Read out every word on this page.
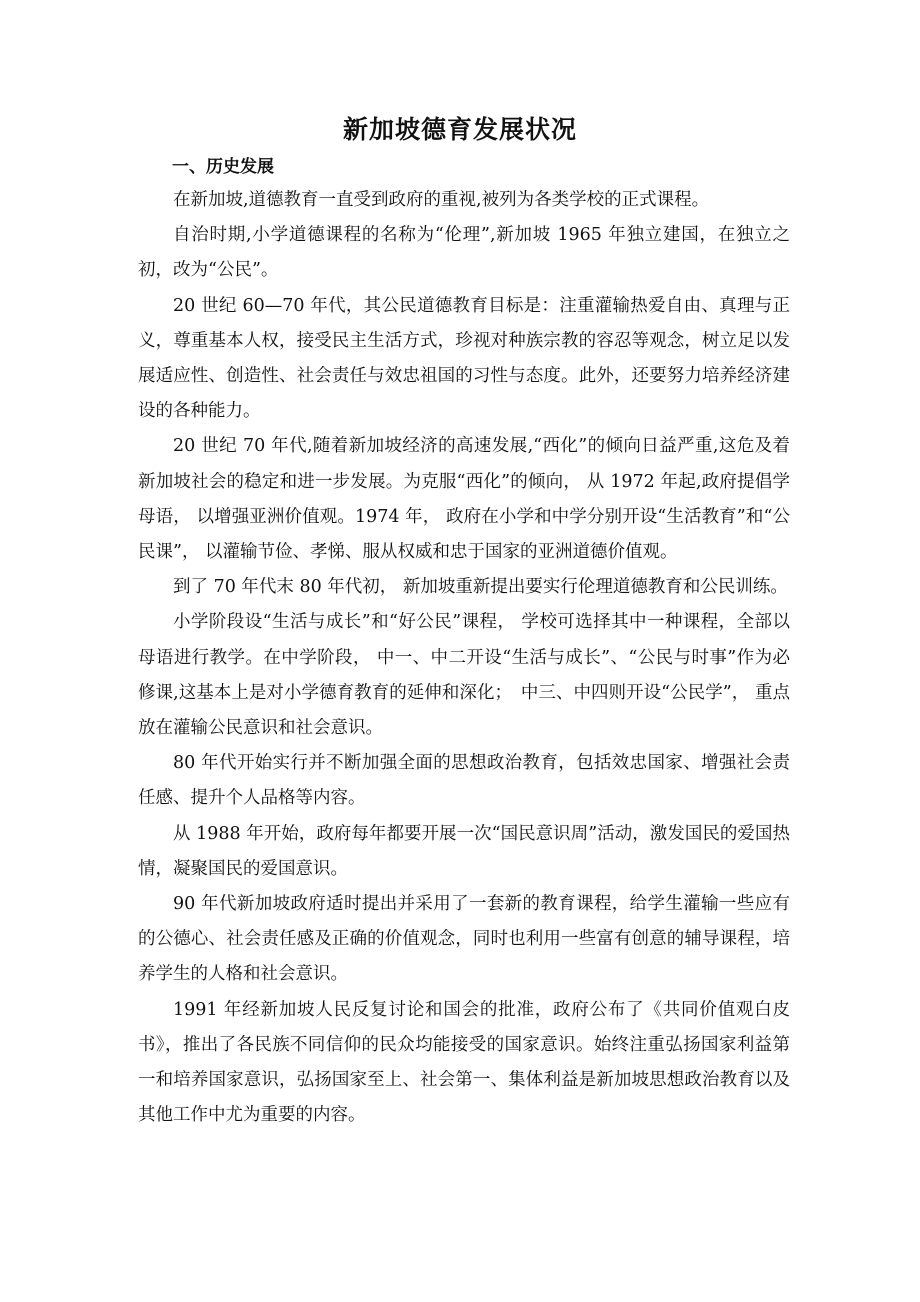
新加坡德育发展状况
一、历史发展

在新加坡,道德教育一直受到政府的重视,被列为各类学校的正式课程。

自治时期,小学道德课程的名称为“伦理”,新加坡 1965 年独立建国，在独立之初，改为“公民”。

20 世纪 60—70 年代，其公民道德教育目标是：注重灌输热爱自由、真理与正义，尊重基本人权，接受民主生活方式，珍视对种族宗教的容忍等观念，树立足以发展适应性、创造性、社会责任与效忠祖国的习性与态度。此外，还要努力培养经济建设的各种能力。

20 世纪 70 年代,随着新加坡经济的高速发展,“西化”的倾向日益严重,这危及着新加坡社会的稳定和进一步发展。为克服“西化”的倾向， 从 1972 年起,政府提倡学母语， 以增强亚洲价值观。1974 年， 政府在小学和中学分别开设“生活教育”和“公民课”， 以灌输节俭、孝悌、服从权威和忠于国家的亚洲道德价值观。

到了 70 年代末 80 年代初， 新加坡重新提出要实行伦理道德教育和公民训练。

小学阶段设“生活与成长”和“好公民”课程， 学校可选择其中一种课程，全部以母语进行教学。在中学阶段， 中一、中二开设“生活与成长”、“公民与时事”作为必修课,这基本上是对小学德育教育的延伸和深化；　中三、中四则开设“公民学”， 重点放在灌输公民意识和社会意识。

80 年代开始实行并不断加强全面的思想政治教育，包括效忠国家、增强社会责任感、提升个人品格等内容。

从 1988 年开始，政府每年都要开展一次“国民意识周”活动，激发国民的爱国热情，凝聚国民的爱国意识。

90 年代新加坡政府适时提出并采用了一套新的教育课程，给学生灌输一些应有的公德心、社会责任感及正确的价值观念，同时也利用一些富有创意的辅导课程，培养学生的人格和社会意识。

1991 年经新加坡人民反复讨论和国会的批准，政府公布了《共同价值观白皮书》，推出了各民族不同信仰的民众均能接受的国家意识。始终注重弘扬国家利益第一和培养国家意识，弘扬国家至上、社会第一、集体利益是新加坡思想政治教育以及其他工作中尤为重要的内容。
